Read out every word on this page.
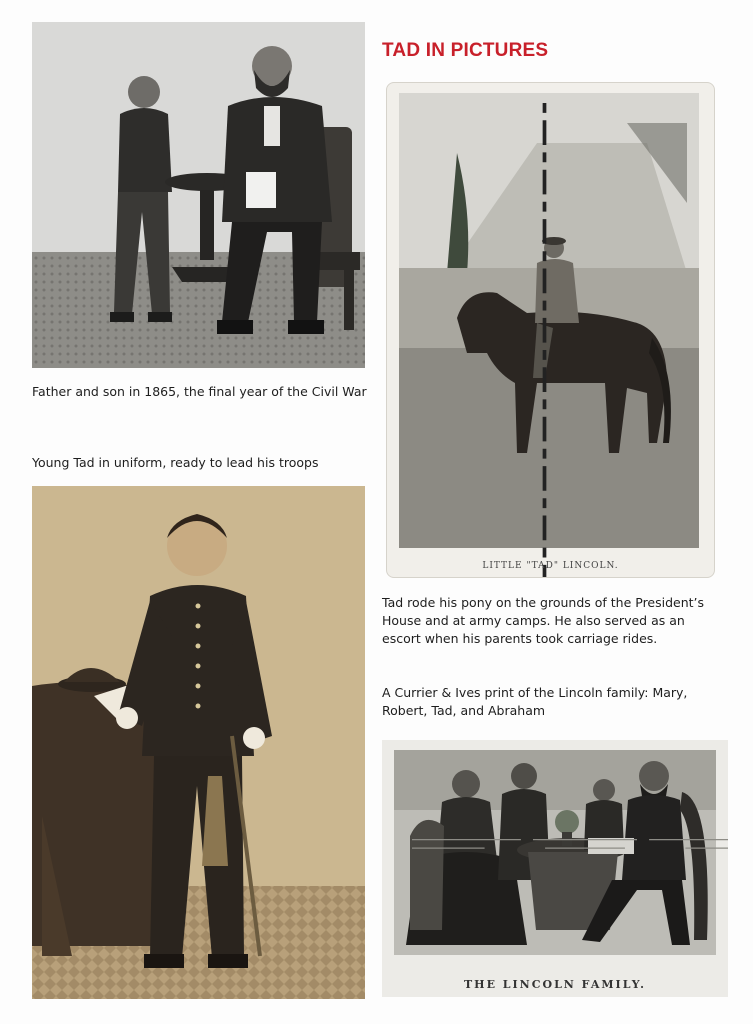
Father and son in 1865, the final year of the Civil War
Young Tad in uniform, ready to lead his troops
TAD IN PICTURES
LITTLE "TAD" LINCOLN.
Tad rode his pony on the grounds of the President’s House and at army camps. He also served as an escort when his parents took carriage rides.
A Currier & Ives print of the Lincoln family: Mary, Robert, Tad, and Abraham
THE LINCOLN FAMILY.
